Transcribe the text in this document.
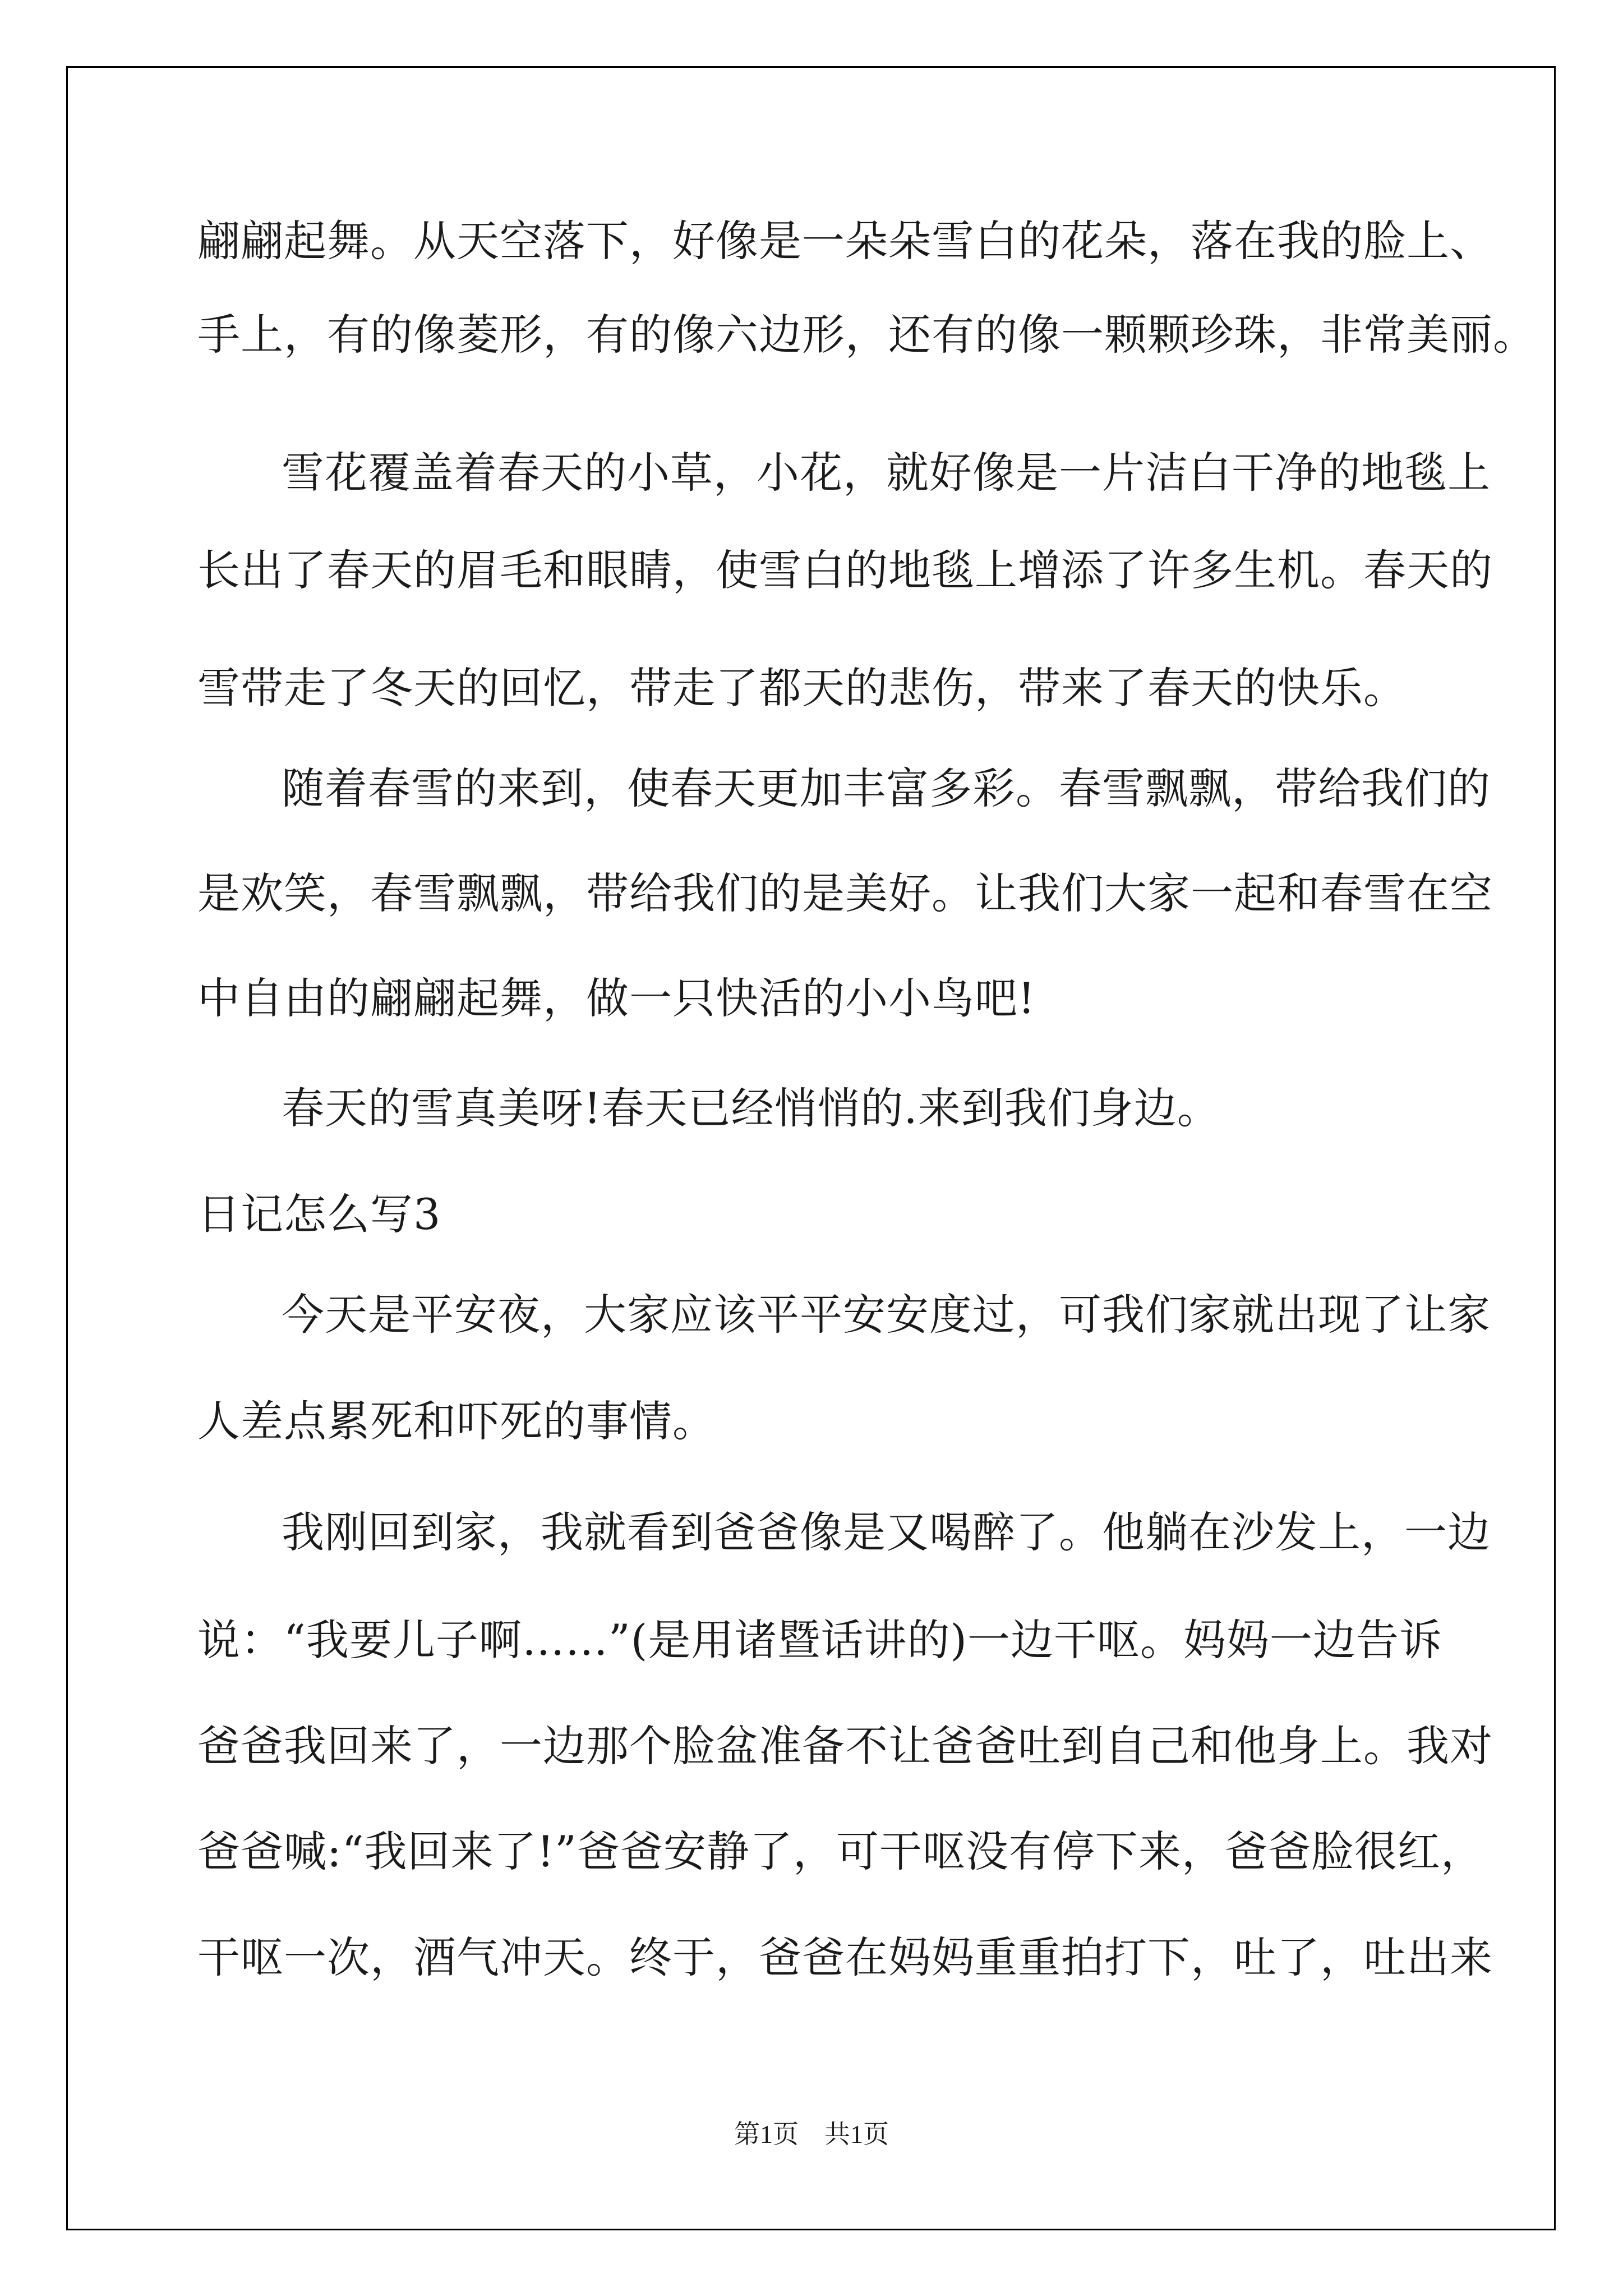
翩翩起舞。从天空落下，好像是一朵朵雪白的花朵，落在我的脸上、
手上，有的像菱形，有的像六边形，还有的像一颗颗珍珠，非常美丽。
雪花覆盖着春天的小草，小花，就好像是一片洁白干净的地毯上
长出了春天的眉毛和眼睛，使雪白的地毯上增添了许多生机。春天的
雪带走了冬天的回忆，带走了都天的悲伤，带来了春天的快乐。
随着春雪的来到，使春天更加丰富多彩。春雪飘飘，带给我们的
是欢笑，春雪飘飘，带给我们的是美好。让我们大家一起和春雪在空
中自由的翩翩起舞，做一只快活的小小鸟吧!
春天的雪真美呀!春天已经悄悄的.来到我们身边。
日记怎么写3
今天是平安夜，大家应该平平安安度过，可我们家就出现了让家
人差点累死和吓死的事情。
我刚回到家，我就看到爸爸像是又喝醉了。他躺在沙发上，一边
说：“我要儿子啊……”(是用诸暨话讲的)一边干呕。妈妈一边告诉
爸爸我回来了，一边那个脸盆准备不让爸爸吐到自己和他身上。我对
爸爸喊:“我回来了!”爸爸安静了，可干呕没有停下来，爸爸脸很红，
干呕一次，酒气冲天。终于，爸爸在妈妈重重拍打下，吐了，吐出来
第1页　共1页
